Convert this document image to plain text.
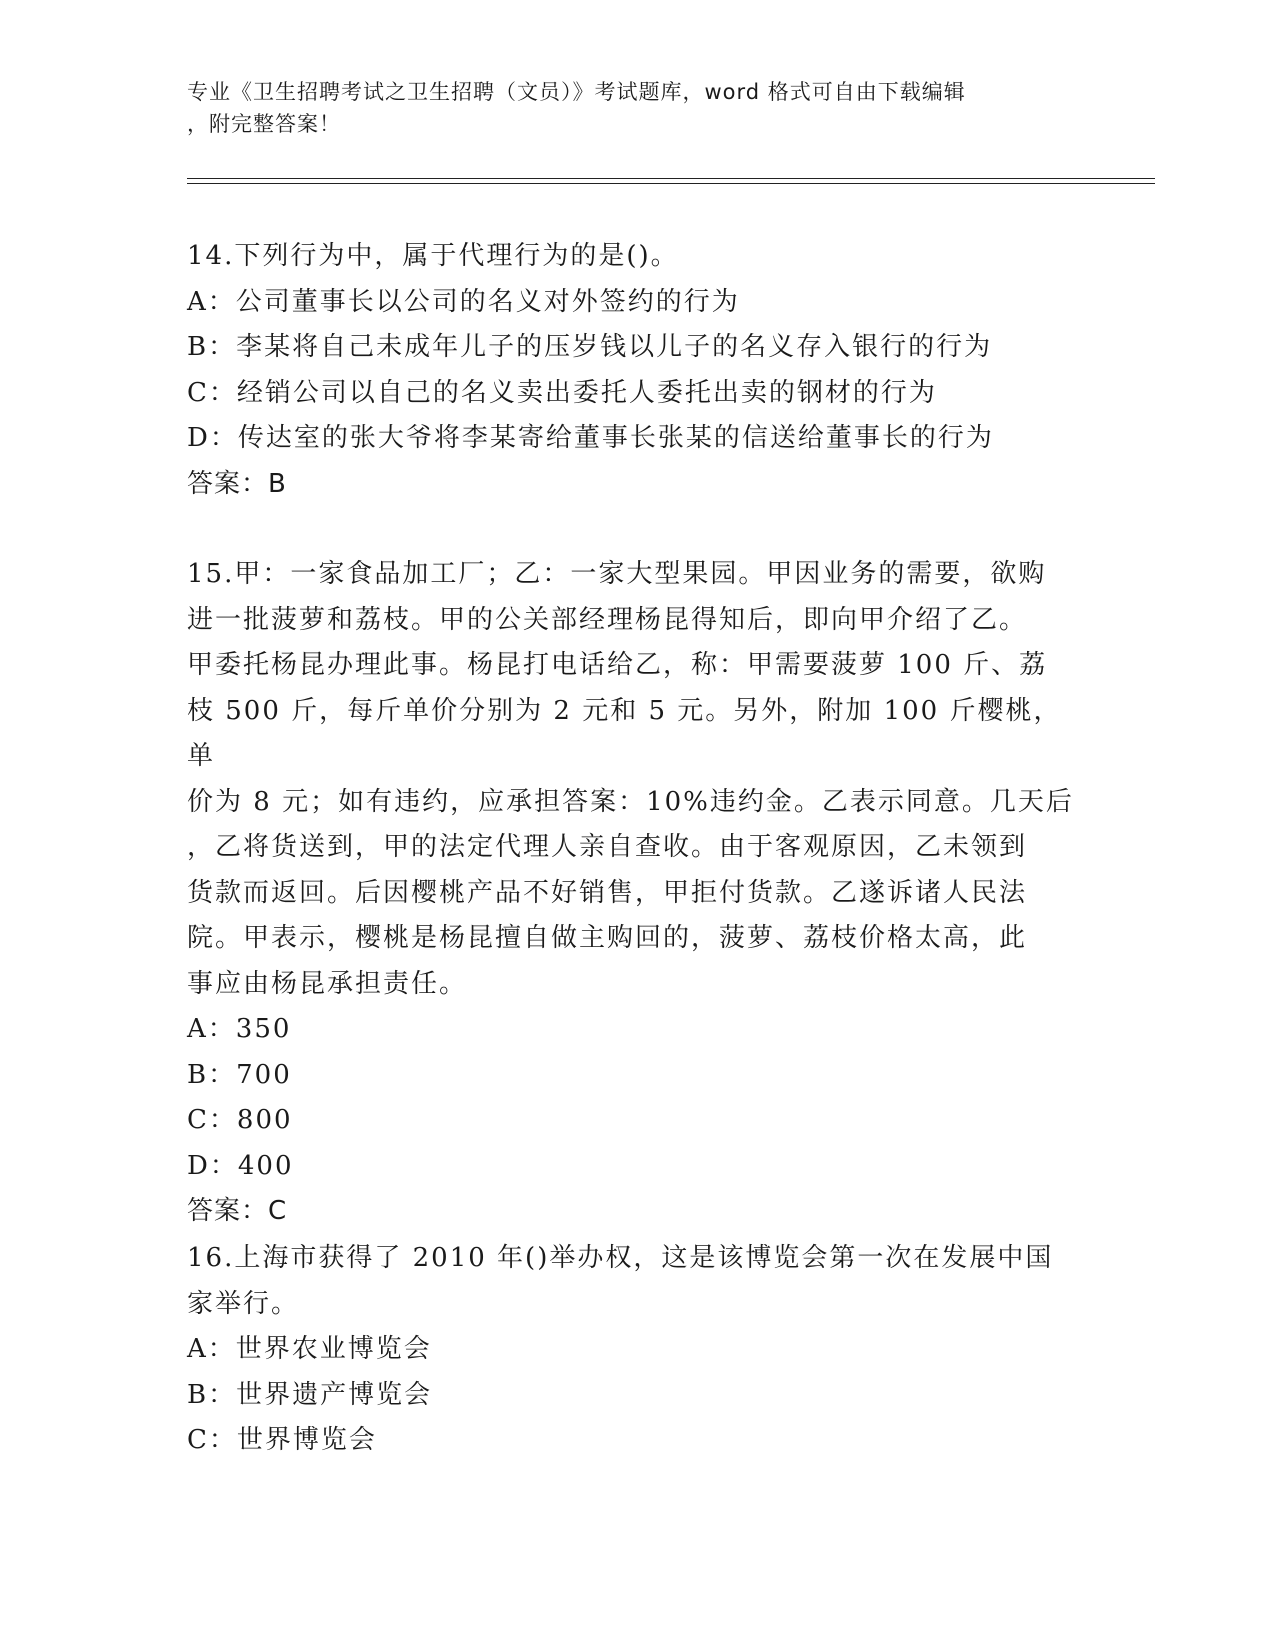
专业《卫生招聘考试之卫生招聘（文员）》考试题库，word 格式可自由下载编辑
，附完整答案！

14.下列行为中，属于代理行为的是()。

A：公司董事长以公司的名义对外签约的行为

B：李某将自己未成年儿子的压岁钱以儿子的名义存入银行的行为

C：经销公司以自己的名义卖出委托人委托出卖的钢材的行为

D：传达室的张大爷将李某寄给董事长张某的信送给董事长的行为

答案：B

15.甲：一家食品加工厂；乙：一家大型果园。甲因业务的需要，欲购

进一批菠萝和荔枝。甲的公关部经理杨昆得知后，即向甲介绍了乙。

甲委托杨昆办理此事。杨昆打电话给乙，称：甲需要菠萝 100 斤、荔

枝 500 斤，每斤单价分别为 2 元和 5 元。另外，附加 100 斤樱桃，单

价为 8 元；如有违约，应承担答案：10%违约金。乙表示同意。几天后

，乙将货送到，甲的法定代理人亲自查收。由于客观原因，乙未领到

货款而返回。后因樱桃产品不好销售，甲拒付货款。乙遂诉诸人民法

院。甲表示，樱桃是杨昆擅自做主购回的，菠萝、荔枝价格太高，此

事应由杨昆承担责任。

A：350

B：700

C：800

D：400

答案：C

16.上海市获得了 2010 年()举办权，这是该博览会第一次在发展中国

家举行。

A：世界农业博览会

B：世界遗产博览会

C：世界博览会
